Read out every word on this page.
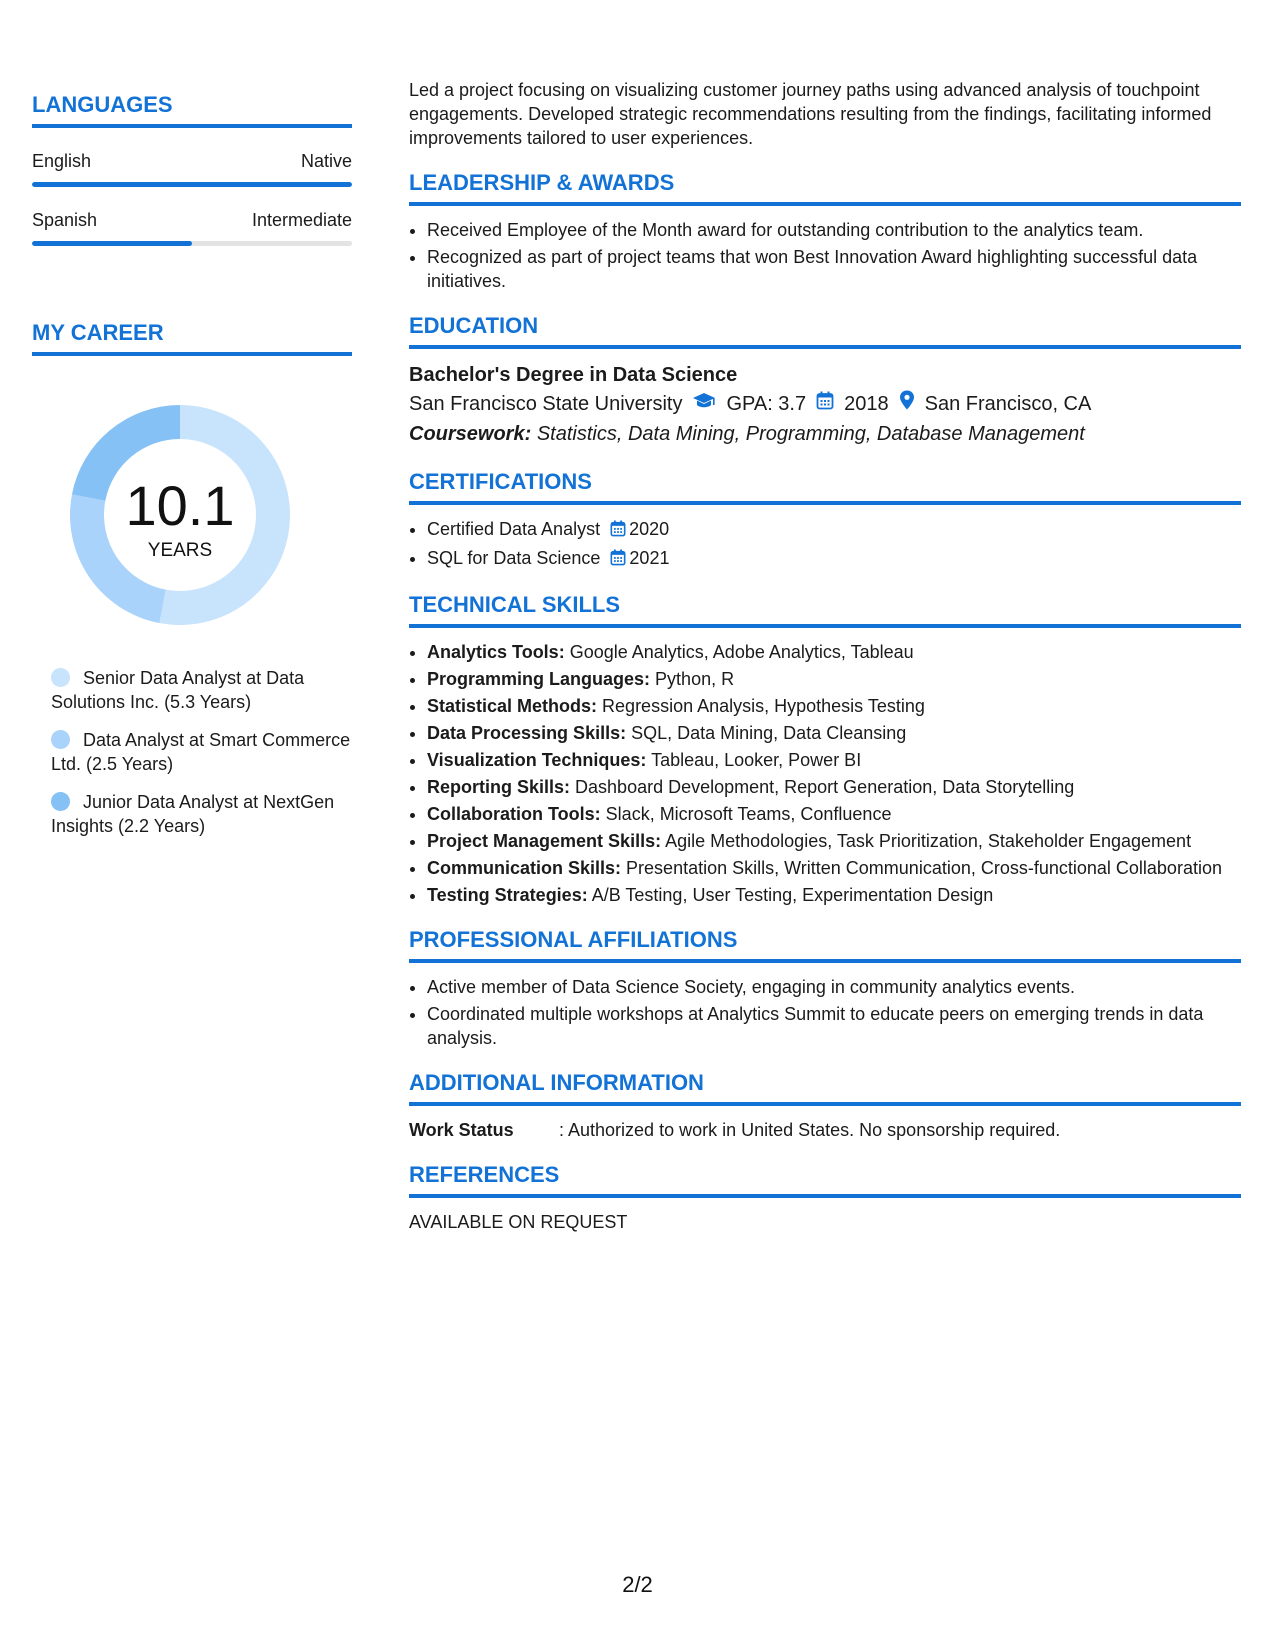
LANGUAGES
English	Native
Spanish	Intermediate
MY CAREER
10.1
YEARS
Senior Data Analyst at Data Solutions Inc. (5.3 Years)
Data Analyst at Smart Commerce Ltd. (2.5 Years)
Junior Data Analyst at NextGen Insights (2.2 Years)

Led a project focusing on visualizing customer journey paths using advanced analysis of touchpoint engagements. Developed strategic recommendations resulting from the findings, facilitating informed improvements tailored to user experiences.

LEADERSHIP & AWARDS
• Received Employee of the Month award for outstanding contribution to the analytics team.
• Recognized as part of project teams that won Best Innovation Award highlighting successful data initiatives.
EDUCATION
Bachelor's Degree in Data Science
San Francisco State University GPA: 3.7 2018 San Francisco, CA
Coursework: Statistics, Data Mining, Programming, Database Management
CERTIFICATIONS
• Certified Data Analyst 2020
• SQL for Data Science 2021
TECHNICAL SKILLS
• Analytics Tools: Google Analytics, Adobe Analytics, Tableau
• Programming Languages: Python, R
• Statistical Methods: Regression Analysis, Hypothesis Testing
• Data Processing Skills: SQL, Data Mining, Data Cleansing
• Visualization Techniques: Tableau, Looker, Power BI
• Reporting Skills: Dashboard Development, Report Generation, Data Storytelling
• Collaboration Tools: Slack, Microsoft Teams, Confluence
• Project Management Skills: Agile Methodologies, Task Prioritization, Stakeholder Engagement
• Communication Skills: Presentation Skills, Written Communication, Cross-functional Collaboration
• Testing Strategies: A/B Testing, User Testing, Experimentation Design
PROFESSIONAL AFFILIATIONS
• Active member of Data Science Society, engaging in community analytics events.
• Coordinated multiple workshops at Analytics Summit to educate peers on emerging trends in data analysis.
ADDITIONAL INFORMATION
Work Status	: Authorized to work in United States. No sponsorship required.
REFERENCES

AVAILABLE ON REQUEST

2/2
